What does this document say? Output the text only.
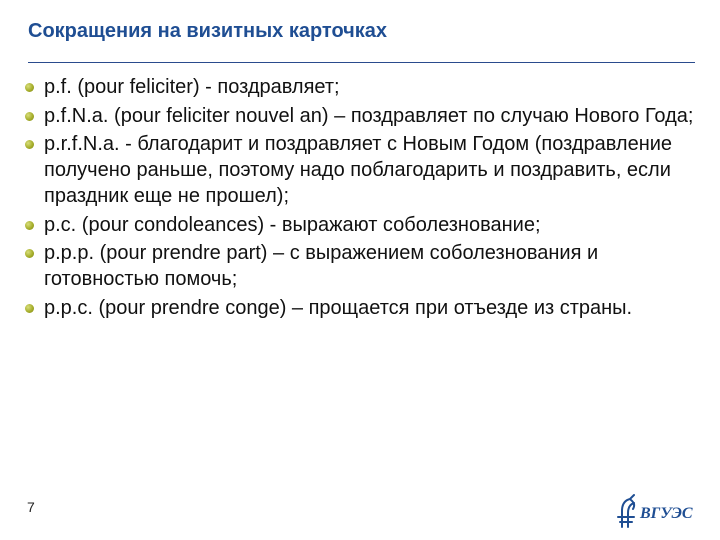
Сокращения на визитных карточках
p.f. (pour feliciter) - поздравляет;
p.f.N.a. (pour feliciter nouvel an) – поздравляет по случаю Нового Года;
p.r.f.N.a. - благодарит и поздравляет с Новым Годом (поздравление получено раньше, поэтому надо поблагодарить и поздравить, если праздник еще не прошел);
p.c. (pour condoleances) - выражают соболезнование;
p.p.p. (pour prendre part) – с выражением соболезнования и готовностью помочь;
p.p.c. (pour prendre conge) – прощается при отъезде из страны.
7	ВГУЭС
